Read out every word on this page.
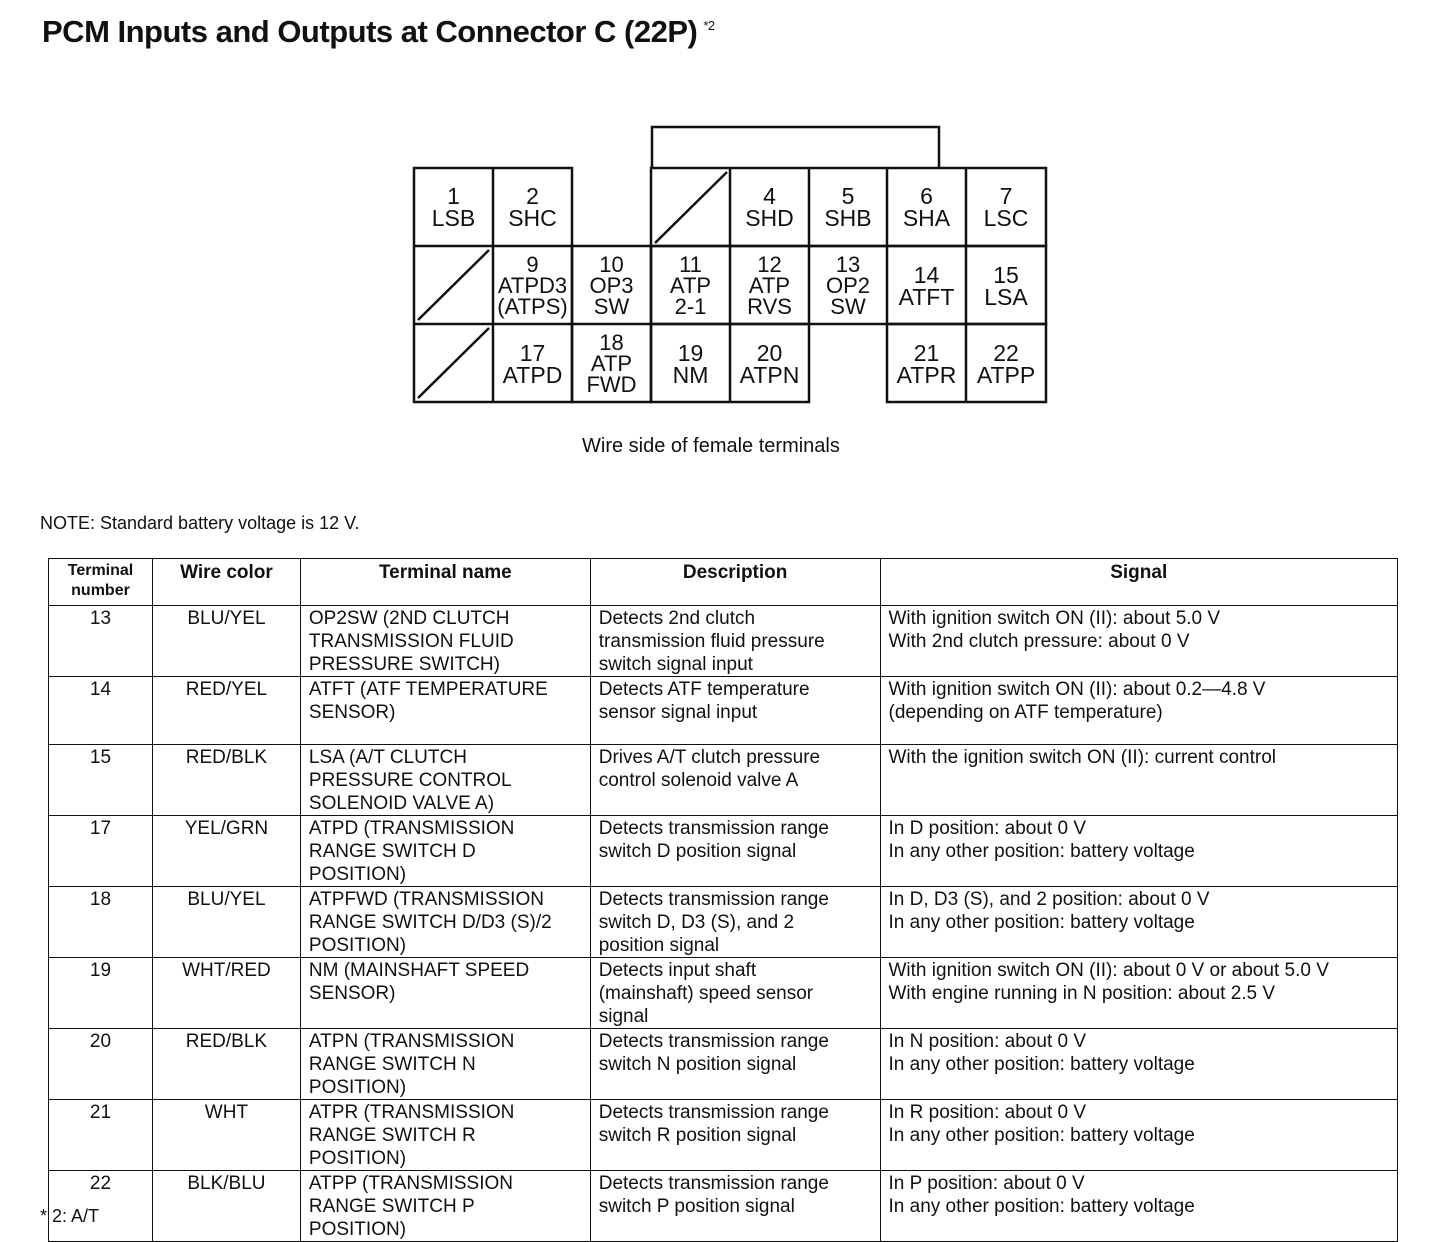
PCM Inputs and Outputs at Connector C (22P) $^{*2}$
1
LSB
2
SHC
4
SHD
5
SHB
6
SHA
7
LSC
9
ATPD3
(ATPS)
10
OP3
SW
11
ATP
2-1
12
ATP
RVS
13
OP2
SW
14
ATFT
15
LSA
17
ATPD
18
ATP
FWD
19
NM
20
ATPN
21
ATPR
22
ATPP
Wire side of female terminals
NOTE: Standard battery voltage is 12 V.
Terminal
number	Wire color	Terminal name	Description	Signal
13	BLU/YEL	OP2SW (2ND CLUTCH
TRANSMISSION FLUID
PRESSURE SWITCH)	Detects 2nd clutch
transmission fluid pressure
switch signal input	With ignition switch ON (II): about 5.0 V
With 2nd clutch pressure: about 0 V
14	RED/YEL	ATFT (ATF TEMPERATURE
SENSOR)	Detects ATF temperature
sensor signal input	With ignition switch ON (II): about 0.2—4.8 V
(depending on ATF temperature)
15	RED/BLK	LSA (A/T CLUTCH
PRESSURE CONTROL
SOLENOID VALVE A)	Drives A/T clutch pressure
control solenoid valve A	With the ignition switch ON (II): current control
17	YEL/GRN	ATPD (TRANSMISSION
RANGE SWITCH D
POSITION)	Detects transmission range
switch D position signal	In D position: about 0 V
In any other position: battery voltage
18	BLU/YEL	ATPFWD (TRANSMISSION
RANGE SWITCH D/D3 (S)/2
POSITION)	Detects transmission range
switch D, D3 (S), and 2
position signal	In D, D3 (S), and 2 position: about 0 V
In any other position: battery voltage
19	WHT/RED	NM (MAINSHAFT SPEED
SENSOR)	Detects input shaft
(mainshaft) speed sensor
signal	With ignition switch ON (II): about 0 V or about 5.0 V
With engine running in N position: about 2.5 V
20	RED/BLK	ATPN (TRANSMISSION
RANGE SWITCH N
POSITION)	Detects transmission range
switch N position signal	In N position: about 0 V
In any other position: battery voltage
21	WHT	ATPR (TRANSMISSION
RANGE SWITCH R
POSITION)	Detects transmission range
switch R position signal	In R position: about 0 V
In any other position: battery voltage
22	BLK/BLU	ATPP (TRANSMISSION
RANGE SWITCH P
POSITION)	Detects transmission range
switch P position signal	In P position: about 0 V
In any other position: battery voltage
* 2: A/T
